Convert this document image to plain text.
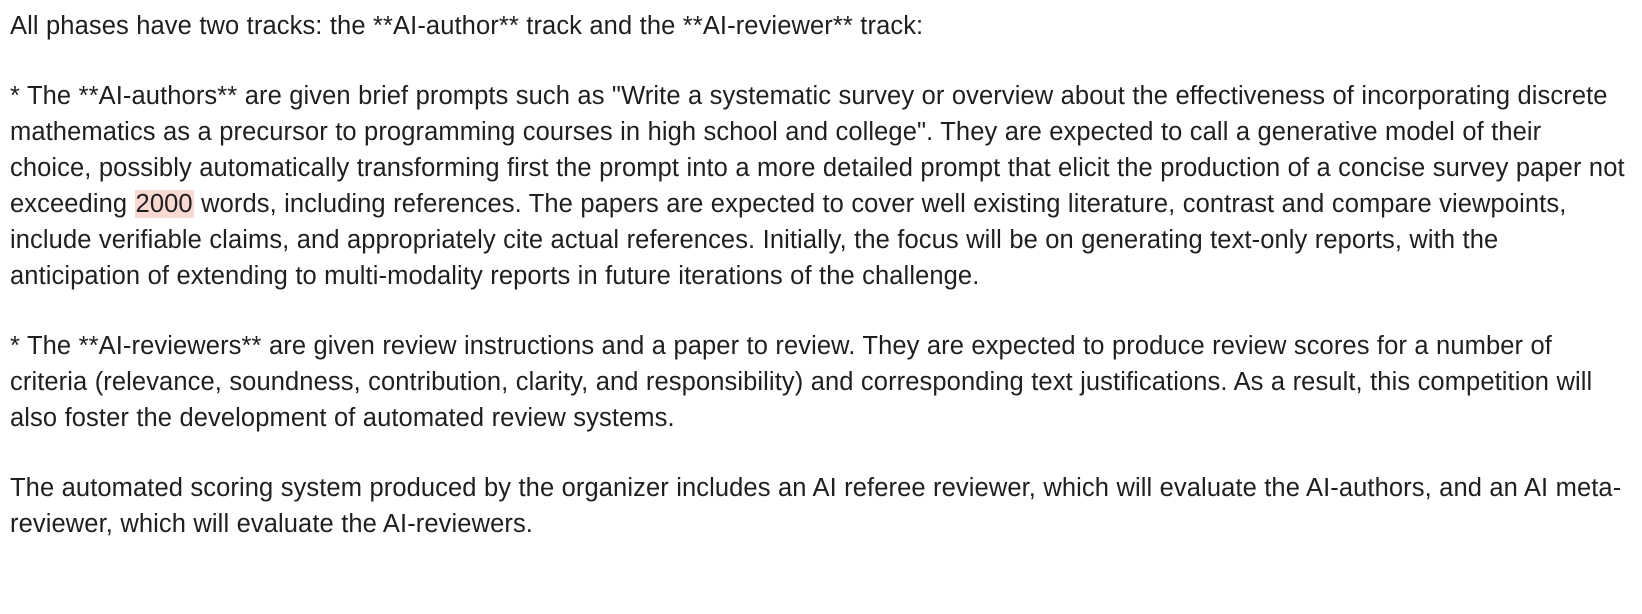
All phases have two tracks: the **AI-author** track and the **AI-reviewer** track:

* The **AI-authors** are given brief prompts such as "Write a systematic survey or overview about the effectiveness of incorporating discrete mathematics as a precursor to programming courses in high school and college". They are expected to call a generative model of their choice, possibly automatically transforming first the prompt into a more detailed prompt that elicit the production of a concise survey paper not exceeding 2000 words, including references. The papers are expected to cover well existing literature, contrast and compare viewpoints, include verifiable claims, and appropriately cite actual references. Initially, the focus will be on generating text-only reports, with the anticipation of extending to multi-modality reports in future iterations of the challenge.

* The **AI-reviewers** are given review instructions and a paper to review. They are expected to produce review scores for a number of criteria (relevance, soundness, contribution, clarity, and responsibility) and corresponding text justifications. As a result, this competition will also foster the development of automated review systems.

The automated scoring system produced by the organizer includes an AI referee reviewer, which will evaluate the AI-authors, and an AI meta-reviewer, which will evaluate the AI-reviewers.
